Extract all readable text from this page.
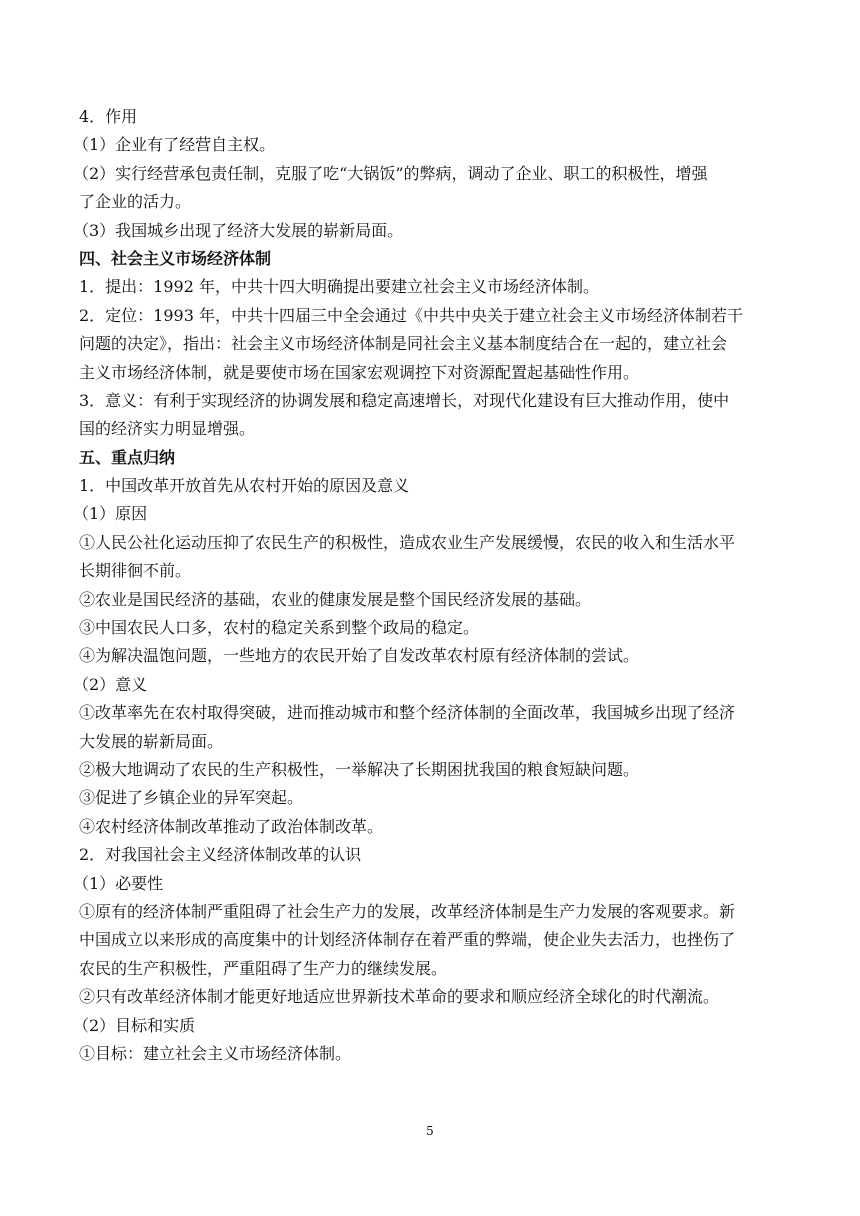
4．作用

（1）企业有了经营自主权。

（2）实行经营承包责任制，克服了吃“大锅饭”的弊病，调动了企业、职工的积极性，增强

了企业的活力。

（3）我国城乡出现了经济大发展的崭新局面。

四、社会主义市场经济体制

1．提出：1992 年，中共十四大明确提出要建立社会主义市场经济体制。

2．定位：1993 年，中共十四届三中全会通过《中共中央关于建立社会主义市场经济体制若干

问题的决定》，指出：社会主义市场经济体制是同社会主义基本制度结合在一起的，建立社会

主义市场经济体制，就是要使市场在国家宏观调控下对资源配置起基础性作用。

3．意义：有利于实现经济的协调发展和稳定高速增长，对现代化建设有巨大推动作用，使中

国的经济实力明显增强。

五、重点归纳

1．中国改革开放首先从农村开始的原因及意义

（1）原因

①人民公社化运动压抑了农民生产的积极性，造成农业生产发展缓慢，农民的收入和生活水平

长期徘徊不前。

②农业是国民经济的基础，农业的健康发展是整个国民经济发展的基础。

③中国农民人口多，农村的稳定关系到整个政局的稳定。

④为解决温饱问题，一些地方的农民开始了自发改革农村原有经济体制的尝试。

（2）意义

①改革率先在农村取得突破，进而推动城市和整个经济体制的全面改革，我国城乡出现了经济

大发展的崭新局面。

②极大地调动了农民的生产积极性，一举解决了长期困扰我国的粮食短缺问题。

③促进了乡镇企业的异军突起。

④农村经济体制改革推动了政治体制改革。

2．对我国社会主义经济体制改革的认识

（1）必要性

①原有的经济体制严重阻碍了社会生产力的发展，改革经济体制是生产力发展的客观要求。新

中国成立以来形成的高度集中的计划经济体制存在着严重的弊端，使企业失去活力，也挫伤了

农民的生产积极性，严重阻碍了生产力的继续发展。

②只有改革经济体制才能更好地适应世界新技术革命的要求和顺应经济全球化的时代潮流。

（2）目标和实质

①目标：建立社会主义市场经济体制。

5
